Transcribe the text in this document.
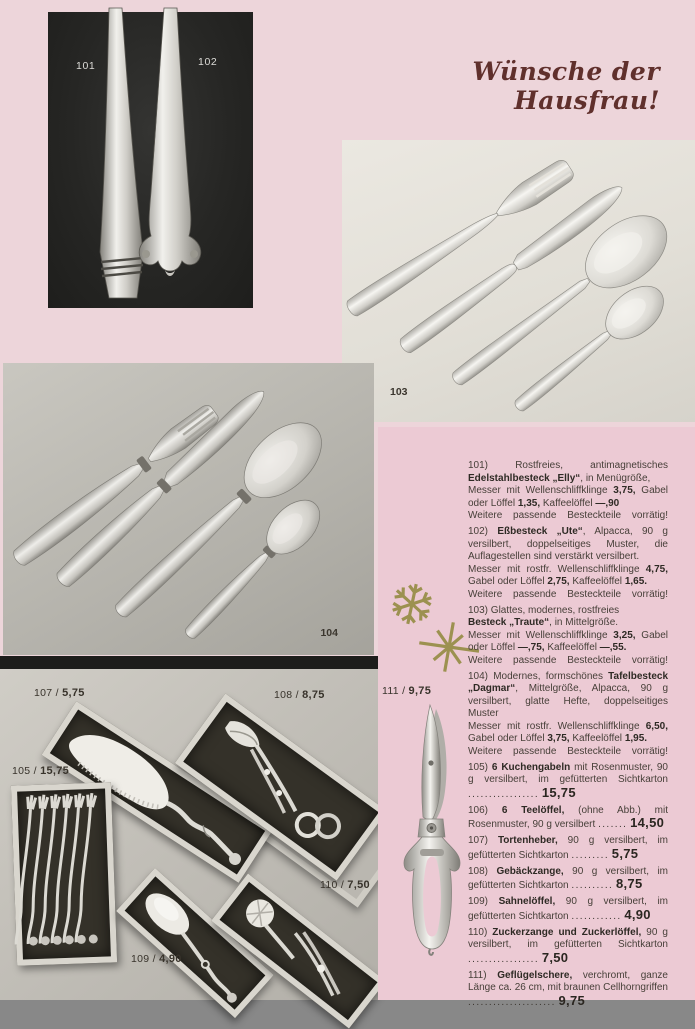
101	102	Wünsche der Hausfrau!
103
104
107 / 5,75	108 / 8,75
105 / 15,75
110 / 7,50
109 / 4,90
111 / 9,75

101) Rostfreies, antimagnetisches Edelstahlbesteck „Elly“, in Menügröße,
Messer mit Wellenschliffklinge 3,75, Gabel oder Löffel 1,35, Kaffeelöffel —,90
Weitere passende Besteckteile vorrätig!

102) Eßbesteck „Ute“, Alpacca, 90 g versilbert, doppelseitiges Muster, die Auflagestellen sind verstärkt versilbert.
Messer mit rostfr. Wellenschliffklinge 4,75, Gabel oder Löffel 2,75, Kaffeelöffel 1,65.
Weitere passende Besteckteile vorrätig!

103) Glattes, modernes, rostfreies
Besteck „Traute“, in Mittelgröße.
Messer mit Wellenschliffklinge 3,25, Gabel oder Löffel —,75, Kaffeelöffel —,55.
Weitere passende Besteckteile vorrätig!

104) Modernes, formschönes Tafelbesteck „Dagmar“, Mittelgröße, Alpacca, 90 g versilbert, glatte Hefte, doppelseitiges Muster
Messer mit rostfr. Wellenschliffklinge 6,50, Gabel oder Löffel 3,75, Kaffeelöffel 1,95.
Weitere passende Besteckteile vorrätig!

105) 6 Kuchengabeln mit Rosenmuster, 90 g versilbert, im gefütterten Sichtkarton ................. 15,75

106) 6 Teelöffel, (ohne Abb.) mit Rosenmuster, 90 g versilbert ....... 14,50

107) Tortenheber, 90 g versilbert, im gefütterten Sichtkarton ......... 5,75

108) Gebäckzange, 90 g versilbert, im gefütterten Sichtkarton .......... 8,75

109) Sahnelöffel, 90 g versilbert, im gefütterten Sichtkarton ............ 4,90

110) Zuckerzange und Zuckerlöffel, 90 g versilbert, im gefütterten Sichtkarton ................. 7,50

111) Geflügelschere, verchromt, ganze Länge ca. 26 cm, mit braunen Cellhorngriffen ..................... 9,75
